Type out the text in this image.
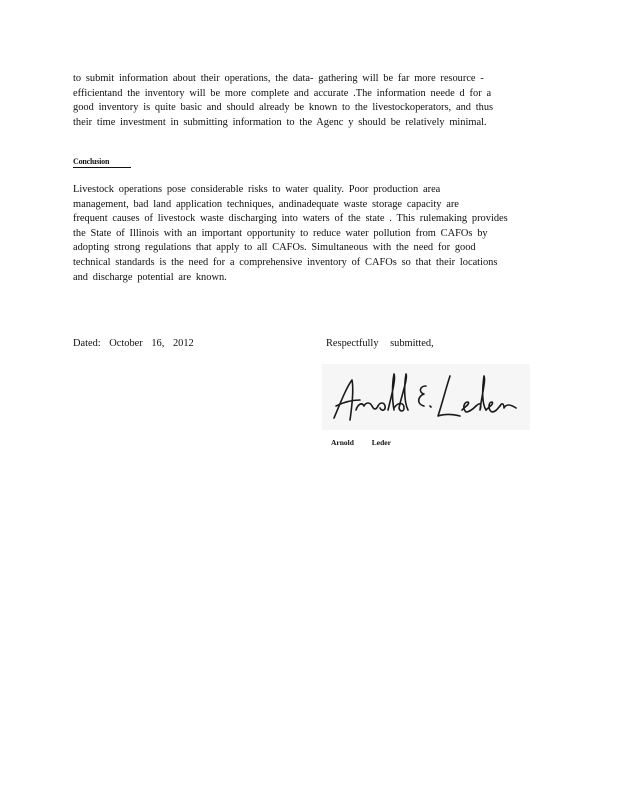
to submit information about their operations, the data- gathering will be far more resource -
efficientand the inventory will be more complete and accurate .The information neede d for a
good inventory is quite basic and should already be known to the livestockoperators, and thus
their time investment in submitting information to the Agenc y should be relatively minimal.
Conclusion
Livestock operations pose considerable risks to water quality. Poor production area
management, bad land application techniques, andinadequate waste storage capacity are
frequent causes of livestock waste discharging into waters of the state . This rulemaking provides
the State of Illinois with an important opportunity to reduce water pollution from CAFOs by
adopting strong regulations that apply to all CAFOs. Simultaneous with the need for good
technical standards is the need for a comprehensive inventory of CAFOs so that their locations
and discharge potential are known.
Dated: October 16, 2012	Respectfully submitted,
Arnold Leder
